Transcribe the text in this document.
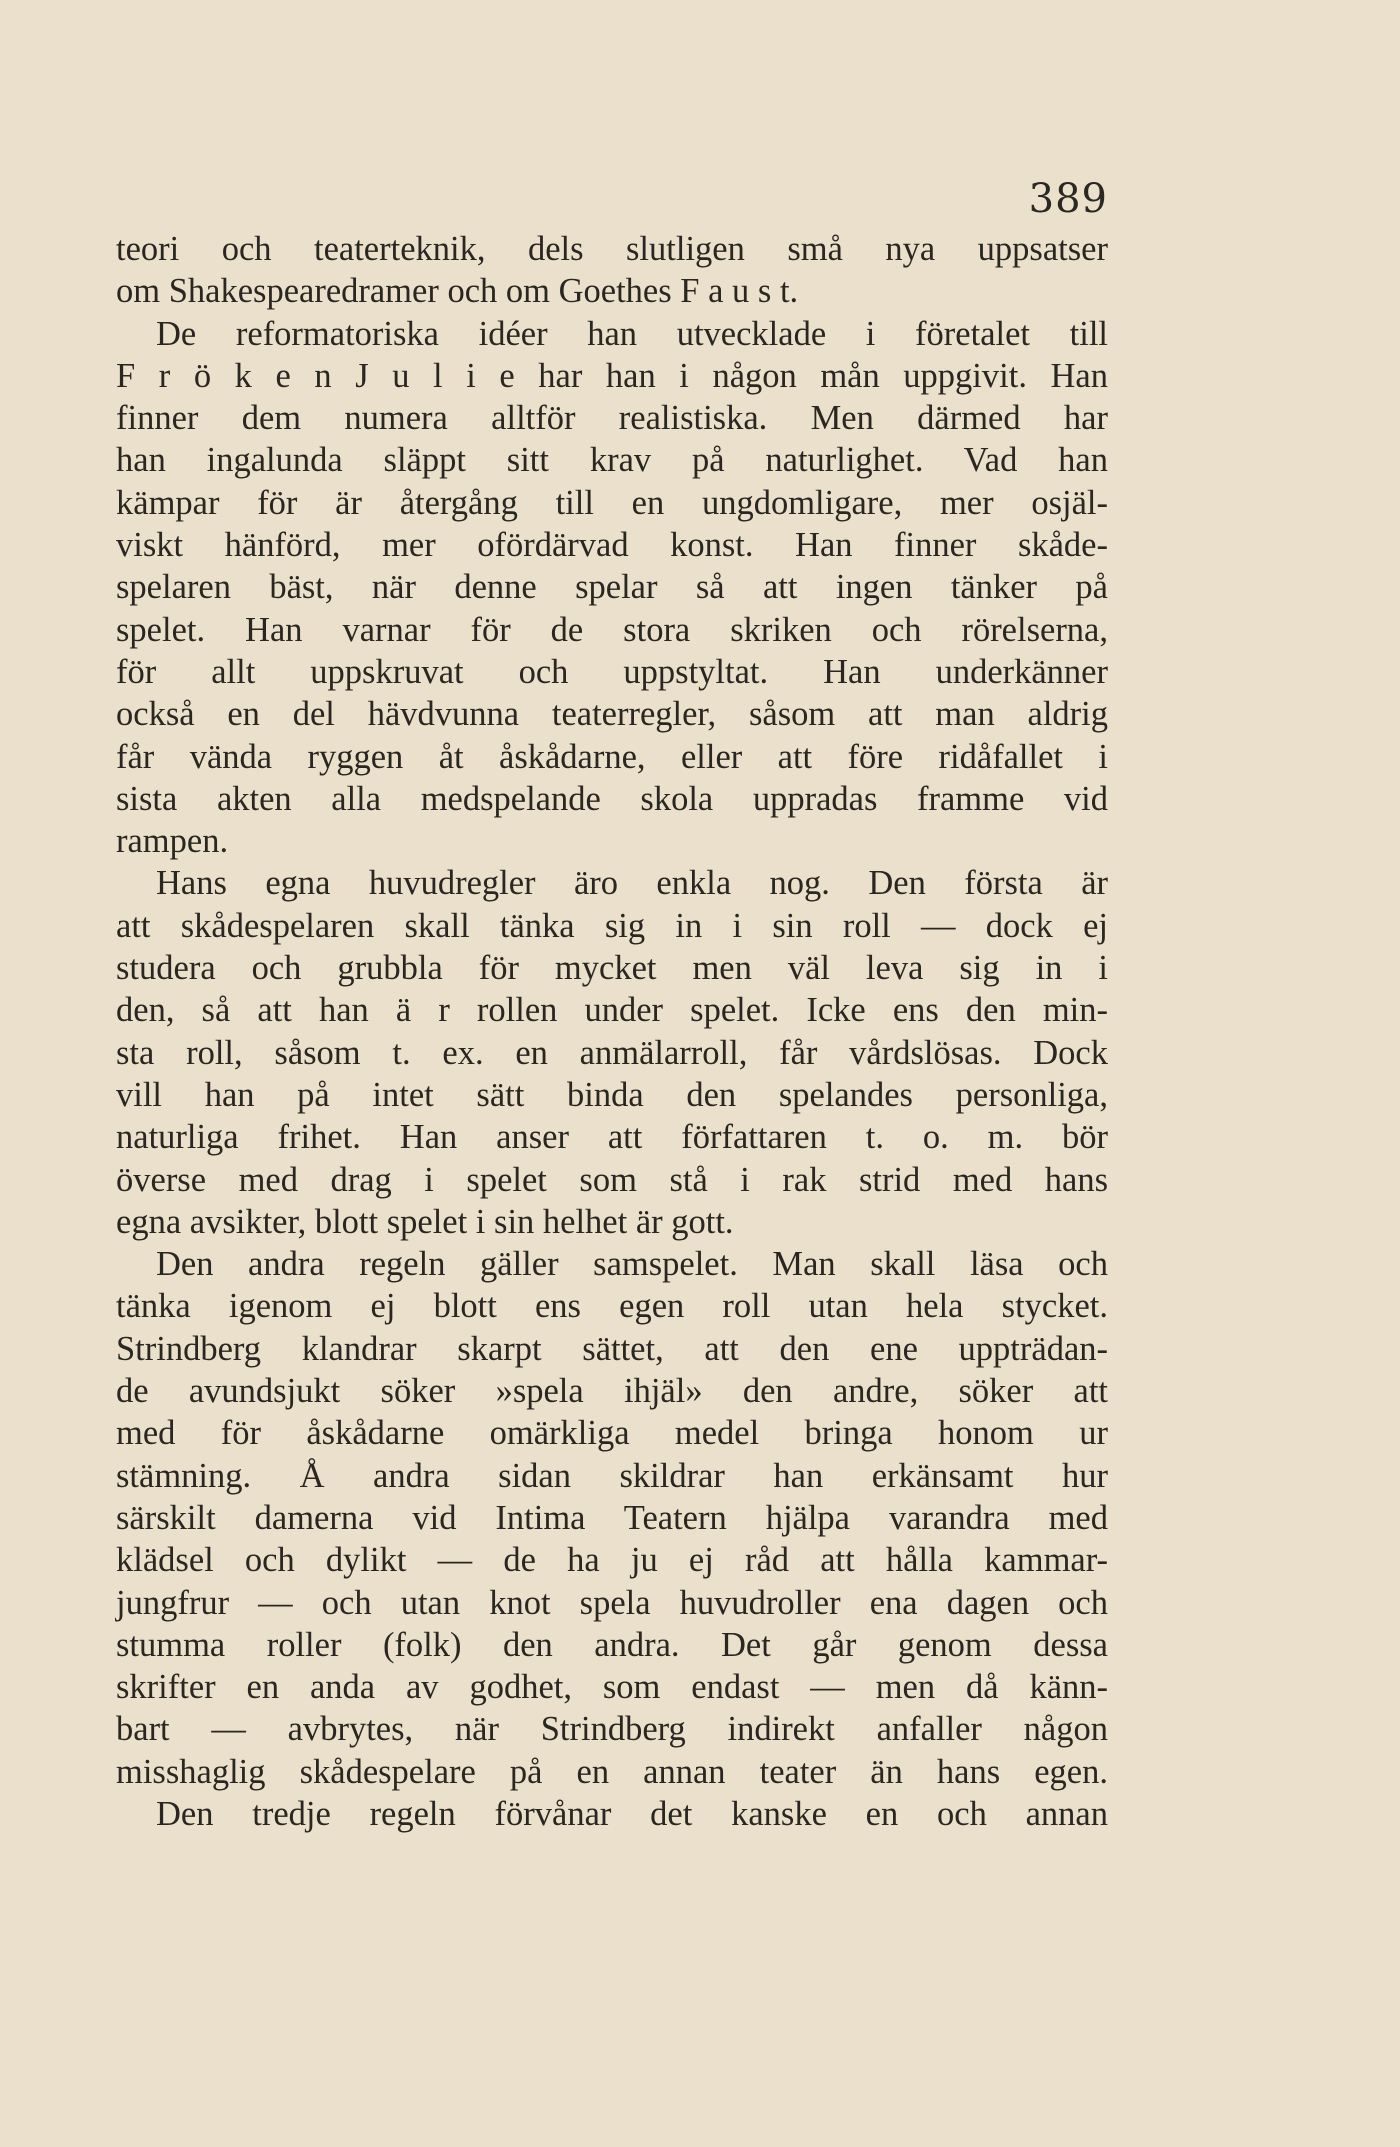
389
teori och teaterteknik, dels slutligen små nya uppsatser
om Shakespearedramer och om Goethes F a u s t.
De reformatoriska idéer han utvecklade i företalet till
F r ö k e n J u l i e har han i någon mån uppgivit. Han
finner dem numera alltför realistiska. Men därmed har
han ingalunda släppt sitt krav på naturlighet. Vad han
kämpar för är återgång till en ungdomligare, mer osjäl-
viskt hänförd, mer ofördärvad konst. Han finner skåde-
spelaren bäst, när denne spelar så att ingen tänker på
spelet. Han varnar för de stora skriken och rörelserna,
för allt uppskruvat och uppstyltat. Han underkänner
också en del hävdvunna teaterregler, såsom att man aldrig
får vända ryggen åt åskådarne, eller att före ridåfallet i
sista akten alla medspelande skola uppradas framme vid
rampen.
Hans egna huvudregler äro enkla nog. Den första är
att skådespelaren skall tänka sig in i sin roll — dock ej
studera och grubbla för mycket men väl leva sig in i
den, så att han ä r rollen under spelet. Icke ens den min-
sta roll, såsom t. ex. en anmälarroll, får vårdslösas. Dock
vill han på intet sätt binda den spelandes personliga,
naturliga frihet. Han anser att författaren t. o. m. bör
överse med drag i spelet som stå i rak strid med hans
egna avsikter, blott spelet i sin helhet är gott.
Den andra regeln gäller samspelet. Man skall läsa och
tänka igenom ej blott ens egen roll utan hela stycket.
Strindberg klandrar skarpt sättet, att den ene uppträdan-
de avundsjukt söker »spela ihjäl» den andre, söker att
med för åskådarne omärkliga medel bringa honom ur
stämning. Å andra sidan skildrar han erkänsamt hur
särskilt damerna vid Intima Teatern hjälpa varandra med
klädsel och dylikt — de ha ju ej råd att hålla kammar-
jungfrur — och utan knot spela huvudroller ena dagen och
stumma roller (folk) den andra. Det går genom dessa
skrifter en anda av godhet, som endast — men då känn-
bart — avbrytes, när Strindberg indirekt anfaller någon
misshaglig skådespelare på en annan teater än hans egen.
Den tredje regeln förvånar det kanske en och annan
